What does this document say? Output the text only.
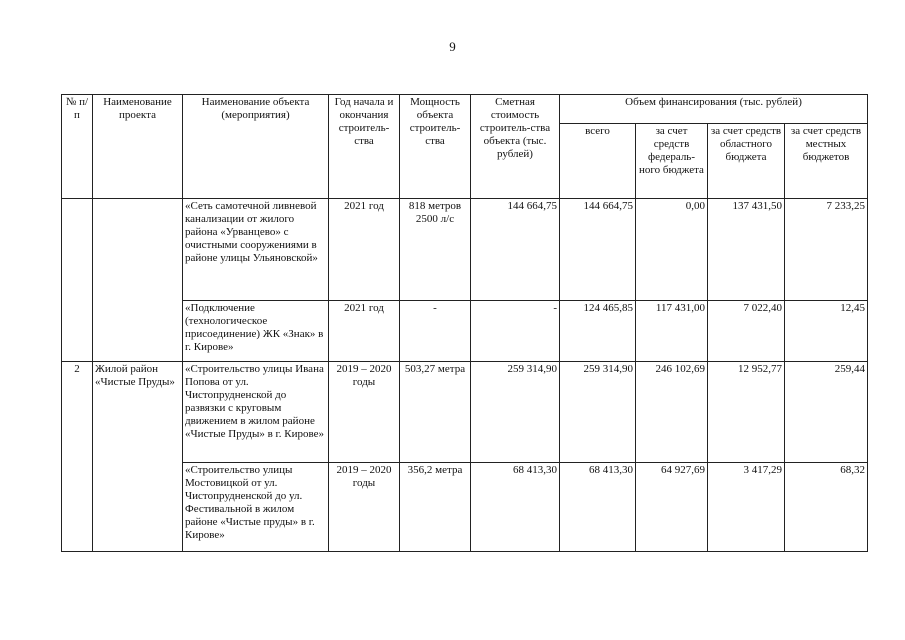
9
№ п/п	Наименование проекта	Наименование объекта (мероприятия)	Год начала и окончания строитель-ства	Мощность объекта строитель-ства	Сметная стоимость строитель-ства объекта (тыс. рублей)	Объем финансирования (тыс. рублей)			
						всего	за счет средств федераль-ного бюджета	за счет средств областного бюджета	за счет средств местных бюджетов
		«Сеть самотечной ливневой канализации от жилого района «Урванцево» с очистными сооружениями в районе улицы Ульяновской»	2021 год	818 метров 2500 л/с	144 664,75	144 664,75	0,00	137 431,50	7 233,25
		«Подключение (технологическое присоединение) ЖК «Знак» в г. Кирове»	2021 год	-	-	124 465,85	117 431,00	7 022,40	12,45
2	Жилой район «Чистые Пруды»	«Строительство улицы Ивана Попова от ул. Чистопрудненской до развязки с круговым движением в жилом районе «Чистые Пруды» в г. Кирове»	2019 – 2020 годы	503,27 метра	259 314,90	259 314,90	246 102,69	12 952,77	259,44
		«Строительство улицы Мостовицкой от ул. Чистопрудненской до ул. Фестивальной в жилом районе «Чистые пруды» в г. Кирове»	2019 – 2020 годы	356,2 метра	68 413,30	68 413,30	64 927,69	3 417,29	68,32
